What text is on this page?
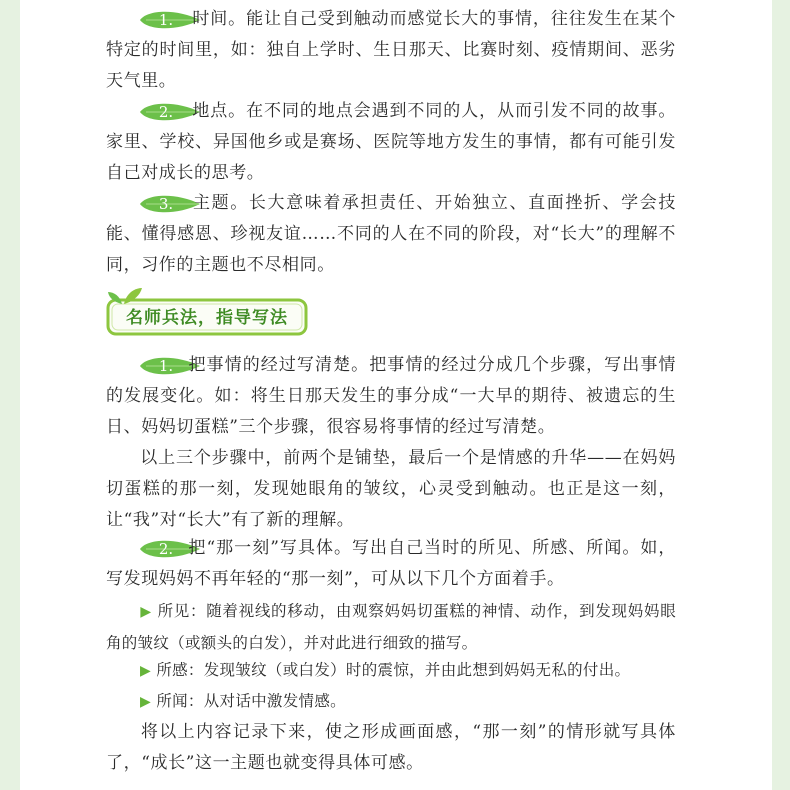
1.	时间。能让自己受到触动而感觉长大的事情，往往发生在某个特定的时间里，如：独自上学时、生日那天、比赛时刻、疫情期间、恶劣天气里。

2.	地点。在不同的地点会遇到不同的人，从而引发不同的故事。家里、学校、异国他乡或是赛场、医院等地方发生的事情，都有可能引发自己对成长的思考。

3.	主题。长大意味着承担责任、开始独立、直面挫折、学会技能、懂得感恩、珍视友谊……不同的人在不同的阶段，对“长大”的理解不同，习作的主题也不尽相同。

名师兵法，指导写法
1. 把事情的经过写清楚。把事情的经过分成几个步骤，写出事情的发展变化。如：将生日那天发生的事分成“一大早的期待、被遗忘的生日、妈妈切蛋糕”三个步骤，很容易将事情的经过写清楚。

以上三个步骤中，前两个是铺垫，最后一个是情感的升华——在妈妈切蛋糕的那一刻，发现她眼角的皱纹，心灵受到触动。也正是这一刻，让“我”对“长大”有了新的理解。

2. 把“那一刻”写具体。写出自己当时的所见、所感、所闻。如，写发现妈妈不再年轻的“那一刻”，可从以下几个方面着手。

▶ 所见：随着视线的移动，由观察妈妈切蛋糕的神情、动作，到发现妈妈眼角的皱纹（或额头的白发），并对此进行细致的描写。

▶ 所感：发现皱纹（或白发）时的震惊，并由此想到妈妈无私的付出。

▶ 所闻：从对话中激发情感。

将以上内容记录下来，使之形成画面感，“那一刻”的情形就写具体了，“成长”这一主题也就变得具体可感。
